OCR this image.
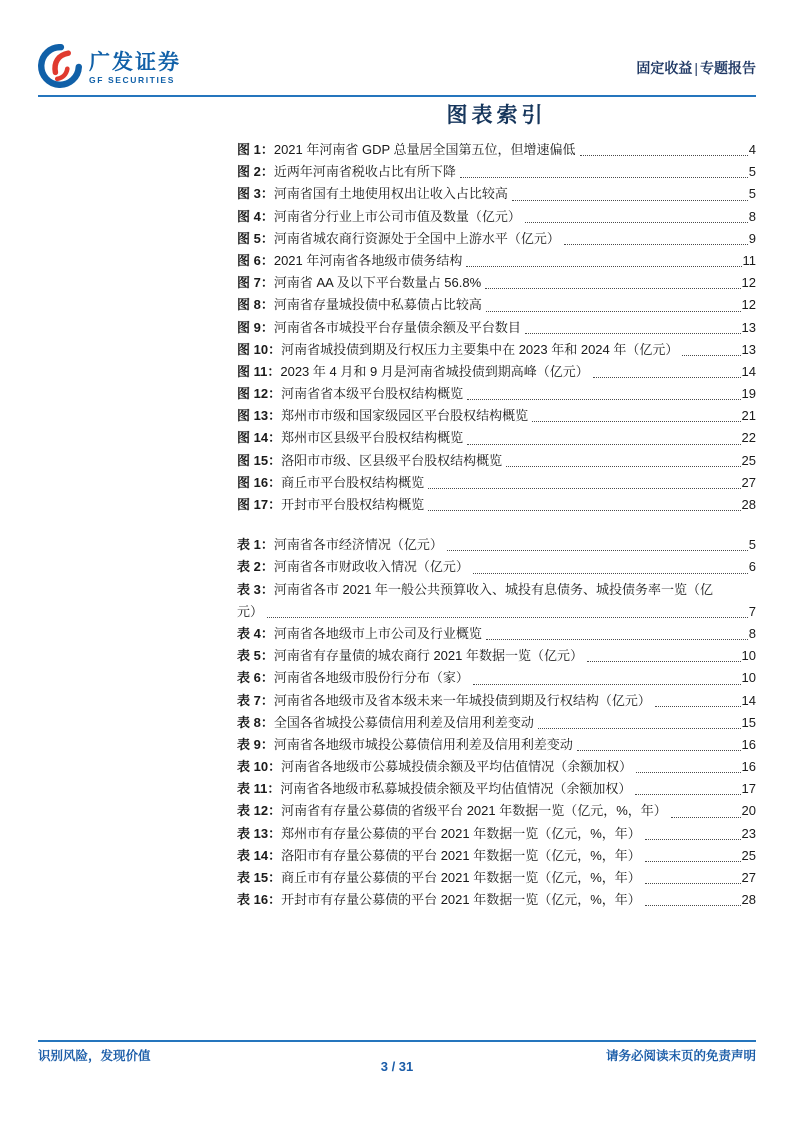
广发证券
GF SECURITIES
固定收益 | 专题报告
图表索引
图 1： 2021 年河南省 GDP 总量居全国第五位，但增速偏低	4
图 2： 近两年河南省税收占比有所下降	5
图 3： 河南省国有土地使用权出让收入占比较高	5
图 4： 河南省分行业上市公司市值及数量（亿元）	8
图 5： 河南省城农商行资源处于全国中上游水平（亿元）	9
图 6： 2021 年河南省各地级市债务结构	11
图 7： 河南省 AA 及以下平台数量占 56.8%	12
图 8： 河南省存量城投债中私募债占比较高	12
图 9： 河南省各市城投平台存量债余额及平台数目	13
图 10： 河南省城投债到期及行权压力主要集中在 2023 年和 2024 年（亿元）	13
图 11： 2023 年 4 月和 9 月是河南省城投债到期高峰（亿元）	14
图 12： 河南省省本级平台股权结构概览	19
图 13： 郑州市市级和国家级园区平台股权结构概览	21
图 14： 郑州市区县级平台股权结构概览	22
图 15： 洛阳市市级、区县级平台股权结构概览	25
图 16： 商丘市平台股权结构概览	27
图 17： 开封市平台股权结构概览	28
表 1： 河南省各市经济情况（亿元）	5
表 2： 河南省各市财政收入情况（亿元）	6
表 3： 河南省各市 2021 年一般公共预算收入、城投有息债务、城投债务率一览（亿
元）	7
表 4： 河南省各地级市上市公司及行业概览	8
表 5： 河南省有存量债的城农商行 2021 年数据一览（亿元）	10
表 6： 河南省各地级市股份行分布（家）	10
表 7： 河南省各地级市及省本级未来一年城投债到期及行权结构（亿元）	14
表 8： 全国各省城投公募债信用利差及信用利差变动	15
表 9： 河南省各地级市城投公募债信用利差及信用利差变动	16
表 10： 河南省各地级市公募城投债余额及平均估值情况（余额加权）	16
表 11： 河南省各地级市私募城投债余额及平均估值情况（余额加权）	17
表 12： 河南省有存量公募债的省级平台 2021 年数据一览（亿元，%，年）	20
表 13： 郑州市有存量公募债的平台 2021 年数据一览（亿元，%，年）	23
表 14： 洛阳市有存量公募债的平台 2021 年数据一览（亿元，%，年）	25
表 15： 商丘市有存量公募债的平台 2021 年数据一览（亿元，%，年）	27
表 16： 开封市有存量公募债的平台 2021 年数据一览（亿元，%，年）	28
识别风险，发现价值	请务必阅读末页的免责声明
3 / 31
